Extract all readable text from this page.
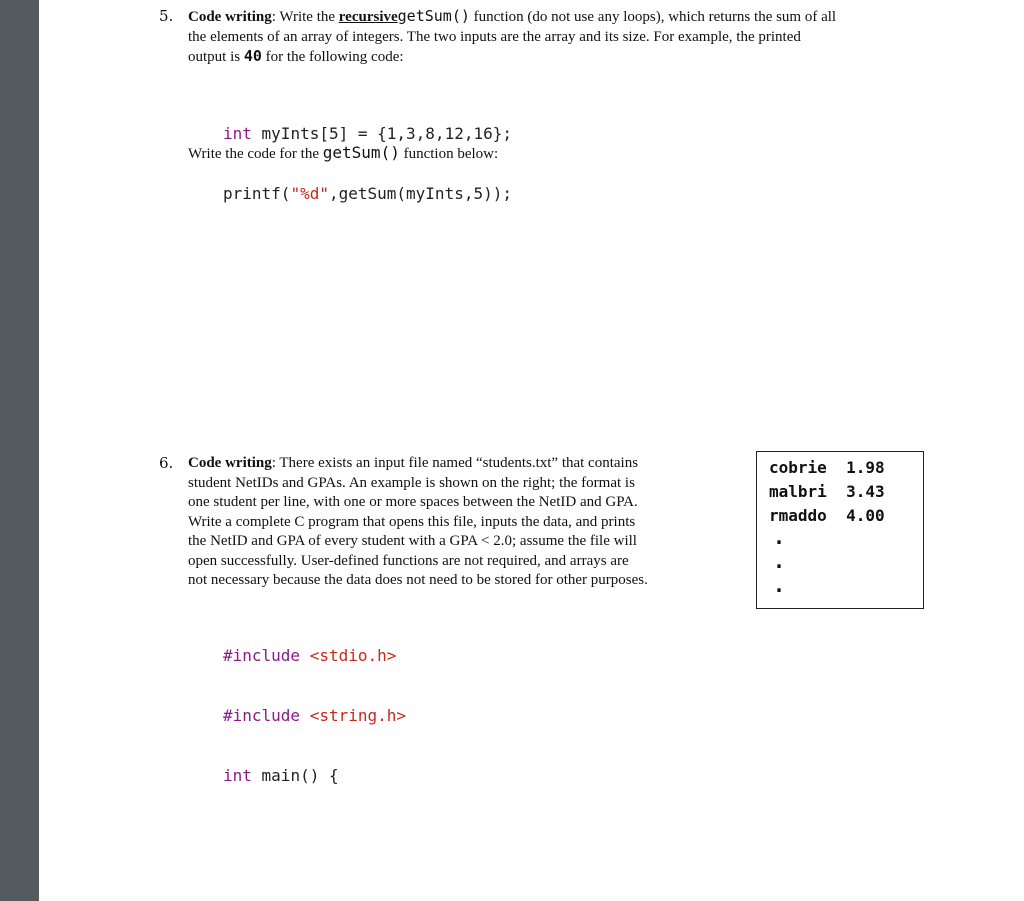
5. Code writing: Write the recursivegetSum() function (do not use any loops), which returns the sum of all
the elements of an array of integers. The two inputs are the array and its size. For example, the printed
output is 40 for the following code:

int myInts[5] = {1,3,8,12,16};

printf("%d",getSum(myInts,5));

Write the code for the getSum() function below:
6. Code writing: There exists an input file named “students.txt” that contains
student NetIDs and GPAs. An example is shown on the right; the format is
one student per line, with one or more spaces between the NetID and GPA.
Write a complete C program that opens this file, inputs the data, and prints
the NetID and GPA of every student with a GPA < 2.0; assume the file will
open successfully. User-defined functions are not required, and arrays are
not necessary because the data does not need to be stored for other purposes.

#include <stdio.h>

#include <string.h>

int main() {

cobrie 1.98
malbri 3.43
rmaddo 4.00
.
.
.
